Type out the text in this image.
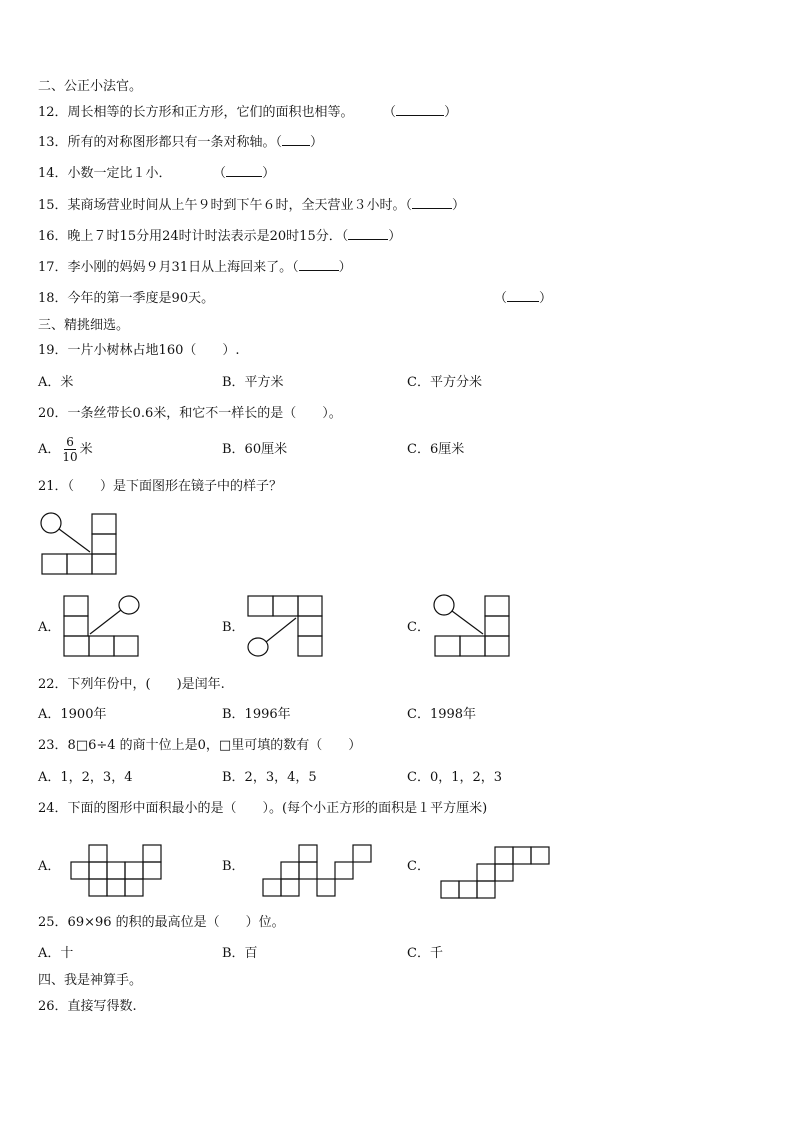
二、公正小法官。
12．周长相等的长方形和正方形，它们的面积也相等。	（	）
13．所有的对称图形都只有一条对称轴。（ ）
14．小数一定比１小．	（	）
15．某商场营业时间从上午９时到下午６时，全天营业３小时。（	）
16．晚上７时15分用24时计时法表示是20时15分．（	）
17．李小刚的妈妈９月31日从上海回来了。（	）
18．今年的第一季度是90天。	（ ）
三、精挑细选。
19．一片小树林占地160（　　）.
A．米	B．平方米	C．平方分米
20．一条丝带长0.6米，和它不一样长的是（　　）。
A． $\frac{6}{10}$ 米	B．60厘米	C．6厘米
21．（　　）是下面图形在镜子中的样子？
A．	B．	C．
22．下列年份中，(　　)是闰年.
A．1900年	B．1996年	C．1998年
23．8□6÷4 的商十位上是0，□里可填的数有（　　）
A．1，2，3，4	B．2，3，4，5	C．0，1，2，3
24．下面的图形中面积最小的是（　　）。(每个小正方形的面积是１平方厘米)
A．	B．	C．
25．69×96 的积的最高位是（　　）位。
A．十	B．百	C．千
四、我是神算手。
26．直接写得数.
